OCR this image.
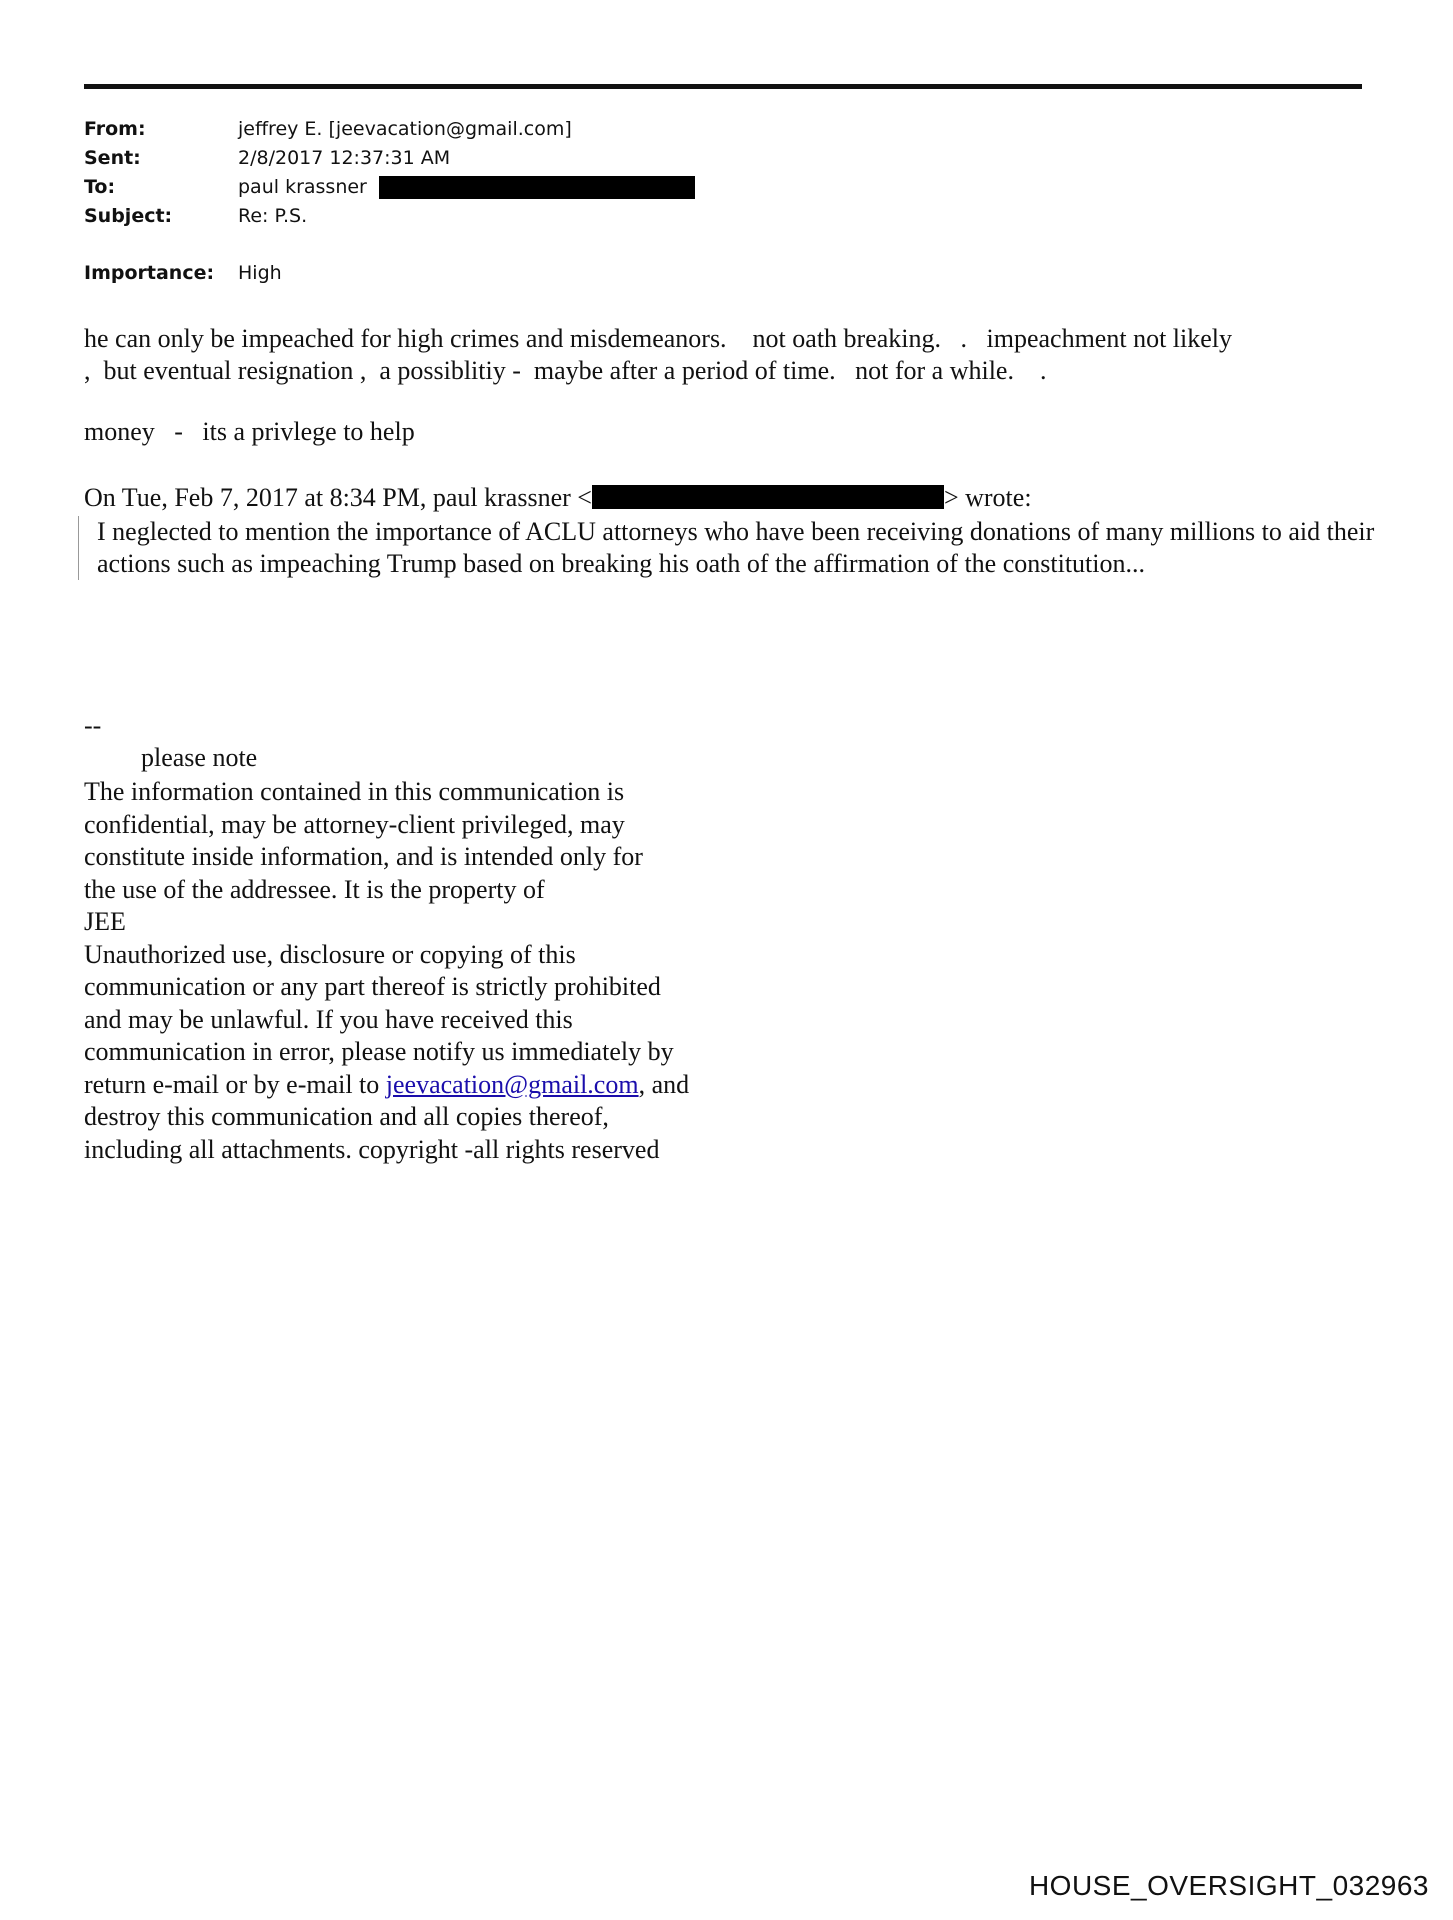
From:	jeffrey E. [jeevacation@gmail.com]
Sent:	2/8/2017 12:37:31 AM
To:	paul krassner
Subject:	Re: P.S.
Importance: High
he can only be impeached for high crimes and misdemeanors.    not oath breaking.   .   impeachment not likely
,  but eventual resignation ,  a possiblitiy -  maybe after a period of time.   not for a while.    .
money   -   its a privlege to help
On Tue, Feb 7, 2017 at 8:34 PM, paul krassner <	> wrote:
I neglected to mention the importance of ACLU attorneys who have been receiving donations of many millions to aid their actions such as impeaching Trump based on breaking his oath of the affirmation of the constitution...
--
please note
The information contained in this communication is
confidential, may be attorney-client privileged, may
constitute inside information, and is intended only for
the use of the addressee. It is the property of
JEE
Unauthorized use, disclosure or copying of this
communication or any part thereof is strictly prohibited
and may be unlawful. If you have received this
communication in error, please notify us immediately by
return e-mail or by e-mail to jeevacation@gmail.com, and
destroy this communication and all copies thereof,
including all attachments. copyright -all rights reserved
HOUSE_OVERSIGHT_032963
